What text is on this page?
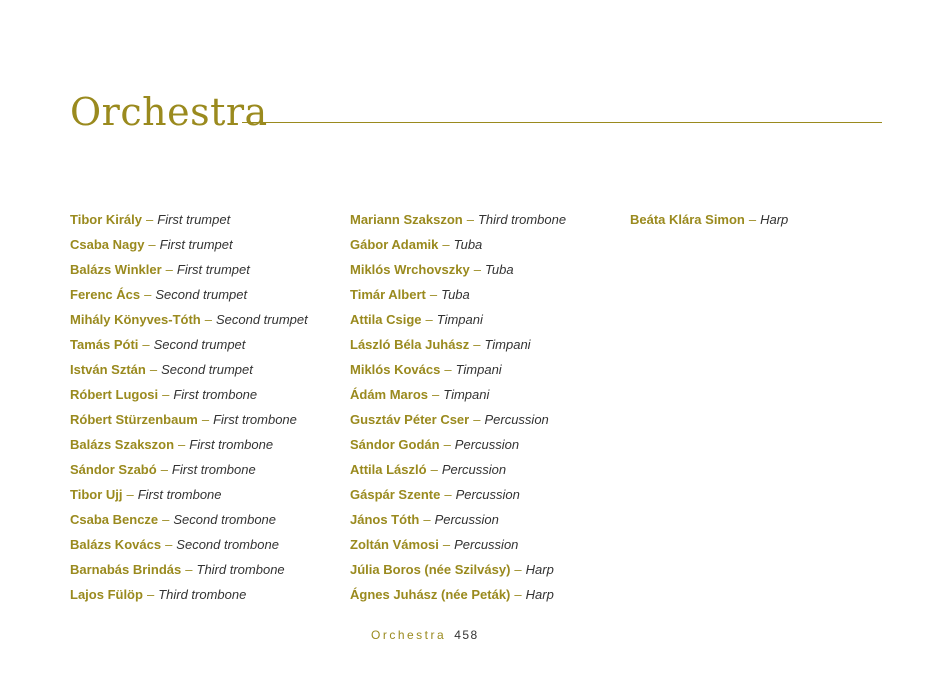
Orchestra
Tibor Király – First trumpet
Csaba Nagy – First trumpet
Balázs Winkler – First trumpet
Ferenc Ács – Second trumpet
Mihály Könyves-Tóth – Second trumpet
Tamás Póti – Second trumpet
István Sztán – Second trumpet
Róbert Lugosi – First trombone
Róbert Stürzenbaum – First trombone
Balázs Szakszon – First trombone
Sándor Szabó – First trombone
Tibor Ujj – First trombone
Csaba Bencze – Second trombone
Balázs Kovács – Second trombone
Barnabás Brindás – Third trombone
Lajos Fülöp – Third trombone
Mariann Szakszon – Third trombone
Gábor Adamik – Tuba
Miklós Wrchovszky – Tuba
Timár Albert – Tuba
Attila Csige – Timpani
László Béla Juhász – Timpani
Miklós Kovács – Timpani
Ádám Maros – Timpani
Gusztáv Péter Cser – Percussion
Sándor Godán – Percussion
Attila László – Percussion
Gáspár Szente – Percussion
János Tóth – Percussion
Zoltán Vámosi – Percussion
Júlia Boros (née Szilvásy) – Harp
Ágnes Juhász (née Peták) – Harp
Beáta Klára Simon – Harp
Orchestra 458
